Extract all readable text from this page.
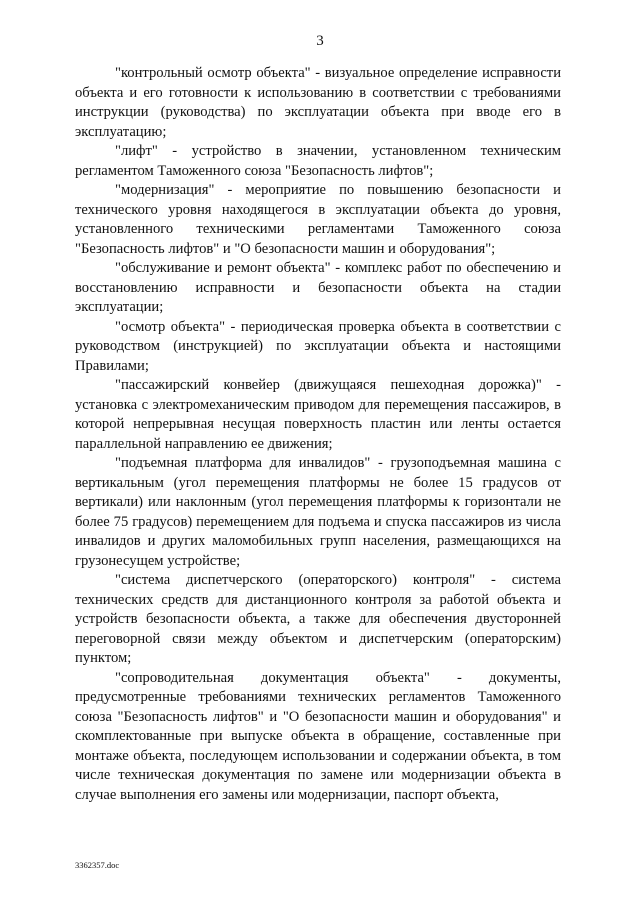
3

"контрольный осмотр объекта" - визуальное определение исправности объекта и его готовности к использованию в соответствии с требованиями инструкции (руководства) по эксплуатации объекта при вводе его в эксплуатацию;

"лифт" - устройство в значении, установленном техническим регламентом Таможенного союза "Безопасность лифтов";

"модернизация" - мероприятие по повышению безопасности и технического уровня находящегося в эксплуатации объекта до уровня, установленного техническими регламентами Таможенного союза "Безопасность лифтов" и "О безопасности машин и оборудования";

"обслуживание и ремонт объекта" - комплекс работ по обеспечению и восстановлению исправности и безопасности объекта на стадии эксплуатации;

"осмотр объекта" - периодическая проверка объекта в соответствии с руководством (инструкцией) по эксплуатации объекта и настоящими Правилами;

"пассажирский конвейер (движущаяся пешеходная дорожка)" - установка с электромеханическим приводом для перемещения пассажиров, в которой непрерывная несущая поверхность пластин или ленты остается параллельной направлению ее движения;

"подъемная платформа для инвалидов" - грузоподъемная машина с вертикальным (угол перемещения платформы не более 15 градусов от вертикали) или наклонным (угол перемещения платформы к горизонтали не более 75 градусов) перемещением для подъема и спуска пассажиров из числа инвалидов и других маломобильных групп населения, размещающихся на грузонесущем устройстве;

"система диспетчерского (операторского) контроля" - система технических средств для дистанционного контроля за работой объекта и устройств безопасности объекта, а также для обеспечения двусторонней переговорной связи между объектом и диспетчерским (операторским) пунктом;

"сопроводительная документация объекта" - документы, предусмотренные требованиями технических регламентов Таможенного союза "Безопасность лифтов" и "О безопасности машин и оборудования" и скомплектованные при выпуске объекта в обращение, составленные при монтаже объекта, последующем использовании и содержании объекта, в том числе техническая документация по замене или модернизации объекта в случае выполнения его замены или модернизации, паспорт объекта,

3362357.doc
